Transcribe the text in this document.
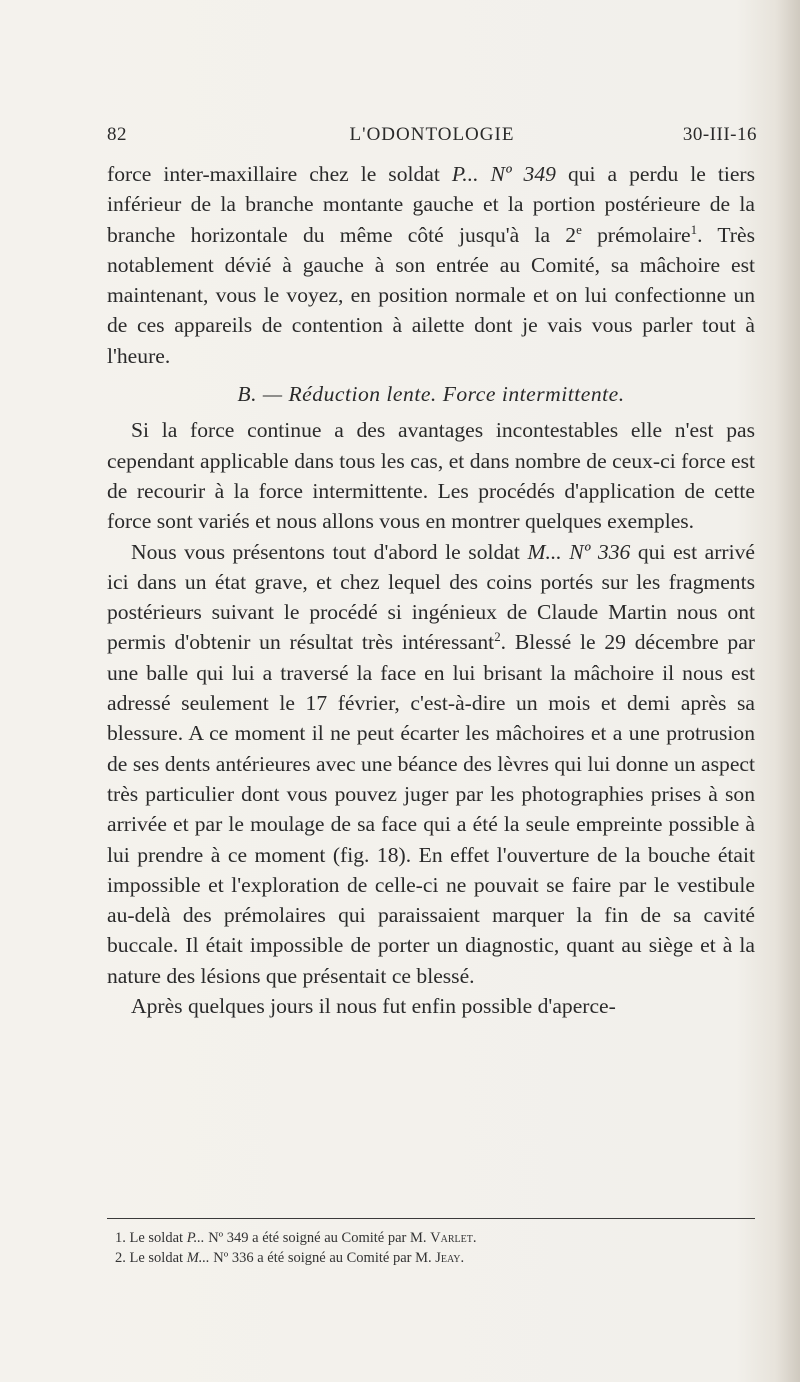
82	L'ODONTOLOGIE	30-III-16

force inter-maxillaire chez le soldat P... Nº 349 qui a perdu le tiers inférieur de la branche montante gauche et la portion postérieure de la branche horizontale du même côté jusqu'à la 2e prémolaire$^1$. Très notablement dévié à gauche à son entrée au Comité, sa mâchoire est maintenant, vous le voyez, en position normale et on lui confectionne un de ces appareils de contention à ailette dont je vais vous parler tout à l'heure.

B. — Réduction lente. Force intermittente.

Si la force continue a des avantages incontestables elle n'est pas cependant applicable dans tous les cas, et dans nombre de ceux-ci force est de recourir à la force intermittente. Les procédés d'application de cette force sont variés et nous allons vous en montrer quelques exemples.

Nous vous présentons tout d'abord le soldat M... Nº 336 qui est arrivé ici dans un état grave, et chez lequel des coins portés sur les fragments postérieurs suivant le procédé si ingénieux de Claude Martin nous ont permis d'obtenir un résultat très intéressant$^2$. Blessé le 29 décembre par une balle qui lui a traversé la face en lui brisant la mâchoire il nous est adressé seulement le 17 février, c'est-à-dire un mois et demi après sa blessure. A ce moment il ne peut écarter les mâchoires et a une protrusion de ses dents antérieures avec une béance des lèvres qui lui donne un aspect très particulier dont vous pouvez juger par les photographies prises à son arrivée et par le moulage de sa face qui a été la seule empreinte possible à lui prendre à ce moment (fig. 18). En effet l'ouverture de la bouche était impossible et l'exploration de celle-ci ne pouvait se faire par le vestibule au-delà des prémolaires qui paraissaient marquer la fin de sa cavité buccale. Il était impossible de porter un diagnostic, quant au siège et à la nature des lésions que présentait ce blessé.

Après quelques jours il nous fut enfin possible d'aperce-

1. Le soldat P... Nº 349 a été soigné au Comité par M. Varlet.

2. Le soldat M... Nº 336 a été soigné au Comité par M. Jeay.
